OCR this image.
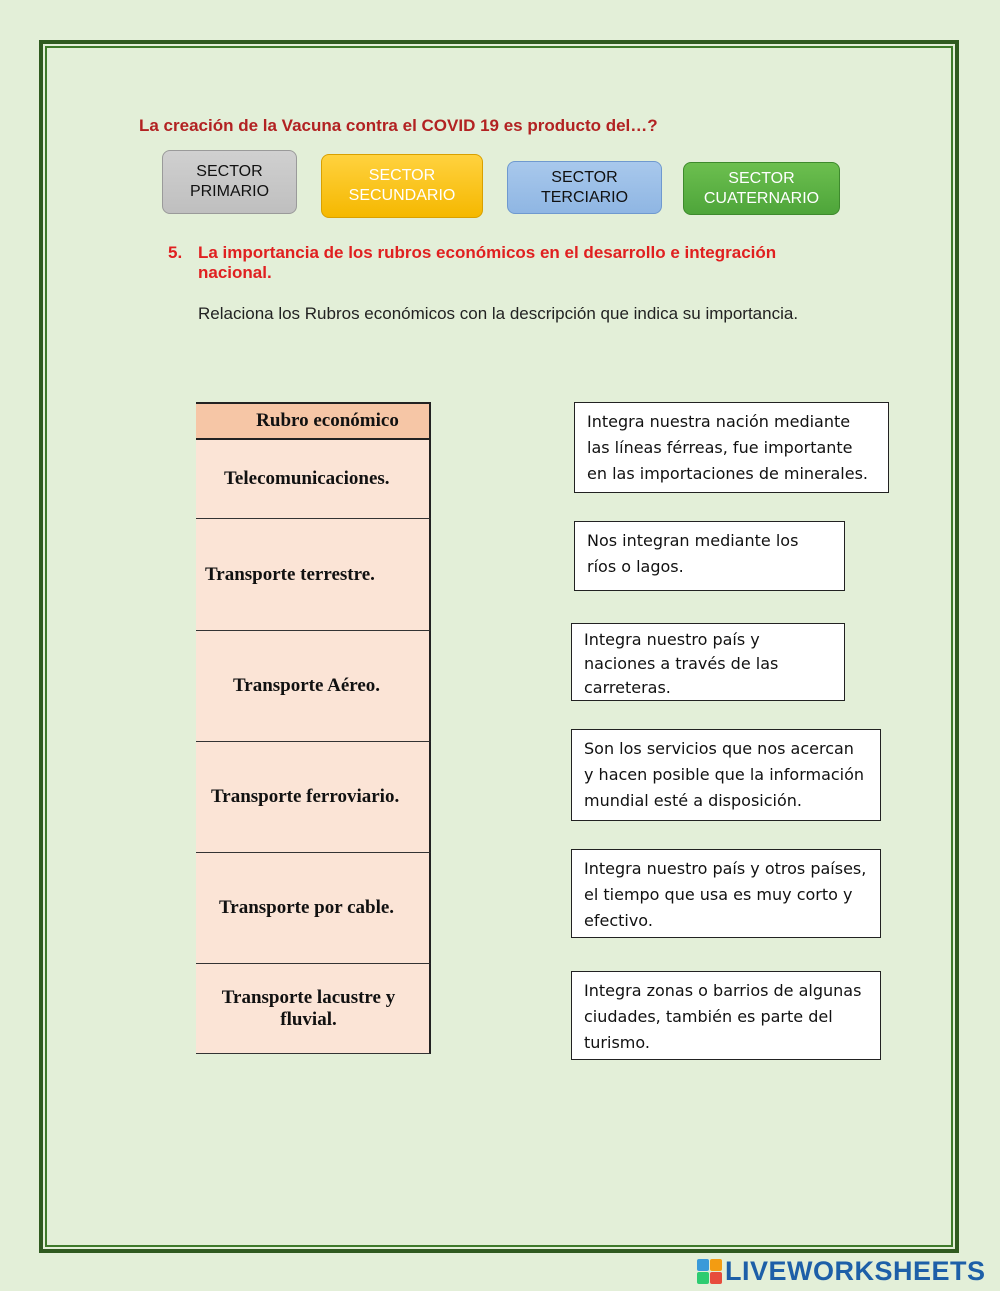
La creación de la Vacuna contra el COVID 19 es producto del…?

SECTOR
PRIMARIO
SECTOR
SECUNDARIO
SECTOR
TERCIARIO
SECTOR
CUATERNARIO
5. La importancia de los rubros económicos en el desarrollo e integración nacional.

Relaciona los Rubros económicos con la descripción que indica su importancia.

Rubro económico
Telecomunicaciones.
Transporte terrestre.
Transporte Aéreo.
Transporte ferroviario.
Transporte por cable.
Transporte lacustre y fluvial.
Integra nuestra nación mediante las líneas férreas, fue importante en las importaciones de minerales.
Nos integran mediante los ríos o lagos.
Integra nuestro país y naciones a través de las carreteras.
Son los servicios que nos acercan y hacen posible que la información mundial esté a disposición.
Integra nuestro país y otros países, el tiempo que usa es muy corto y efectivo.
Integra zonas o barrios de algunas ciudades, también es parte del turismo.
LIVEWORKSHEETS
